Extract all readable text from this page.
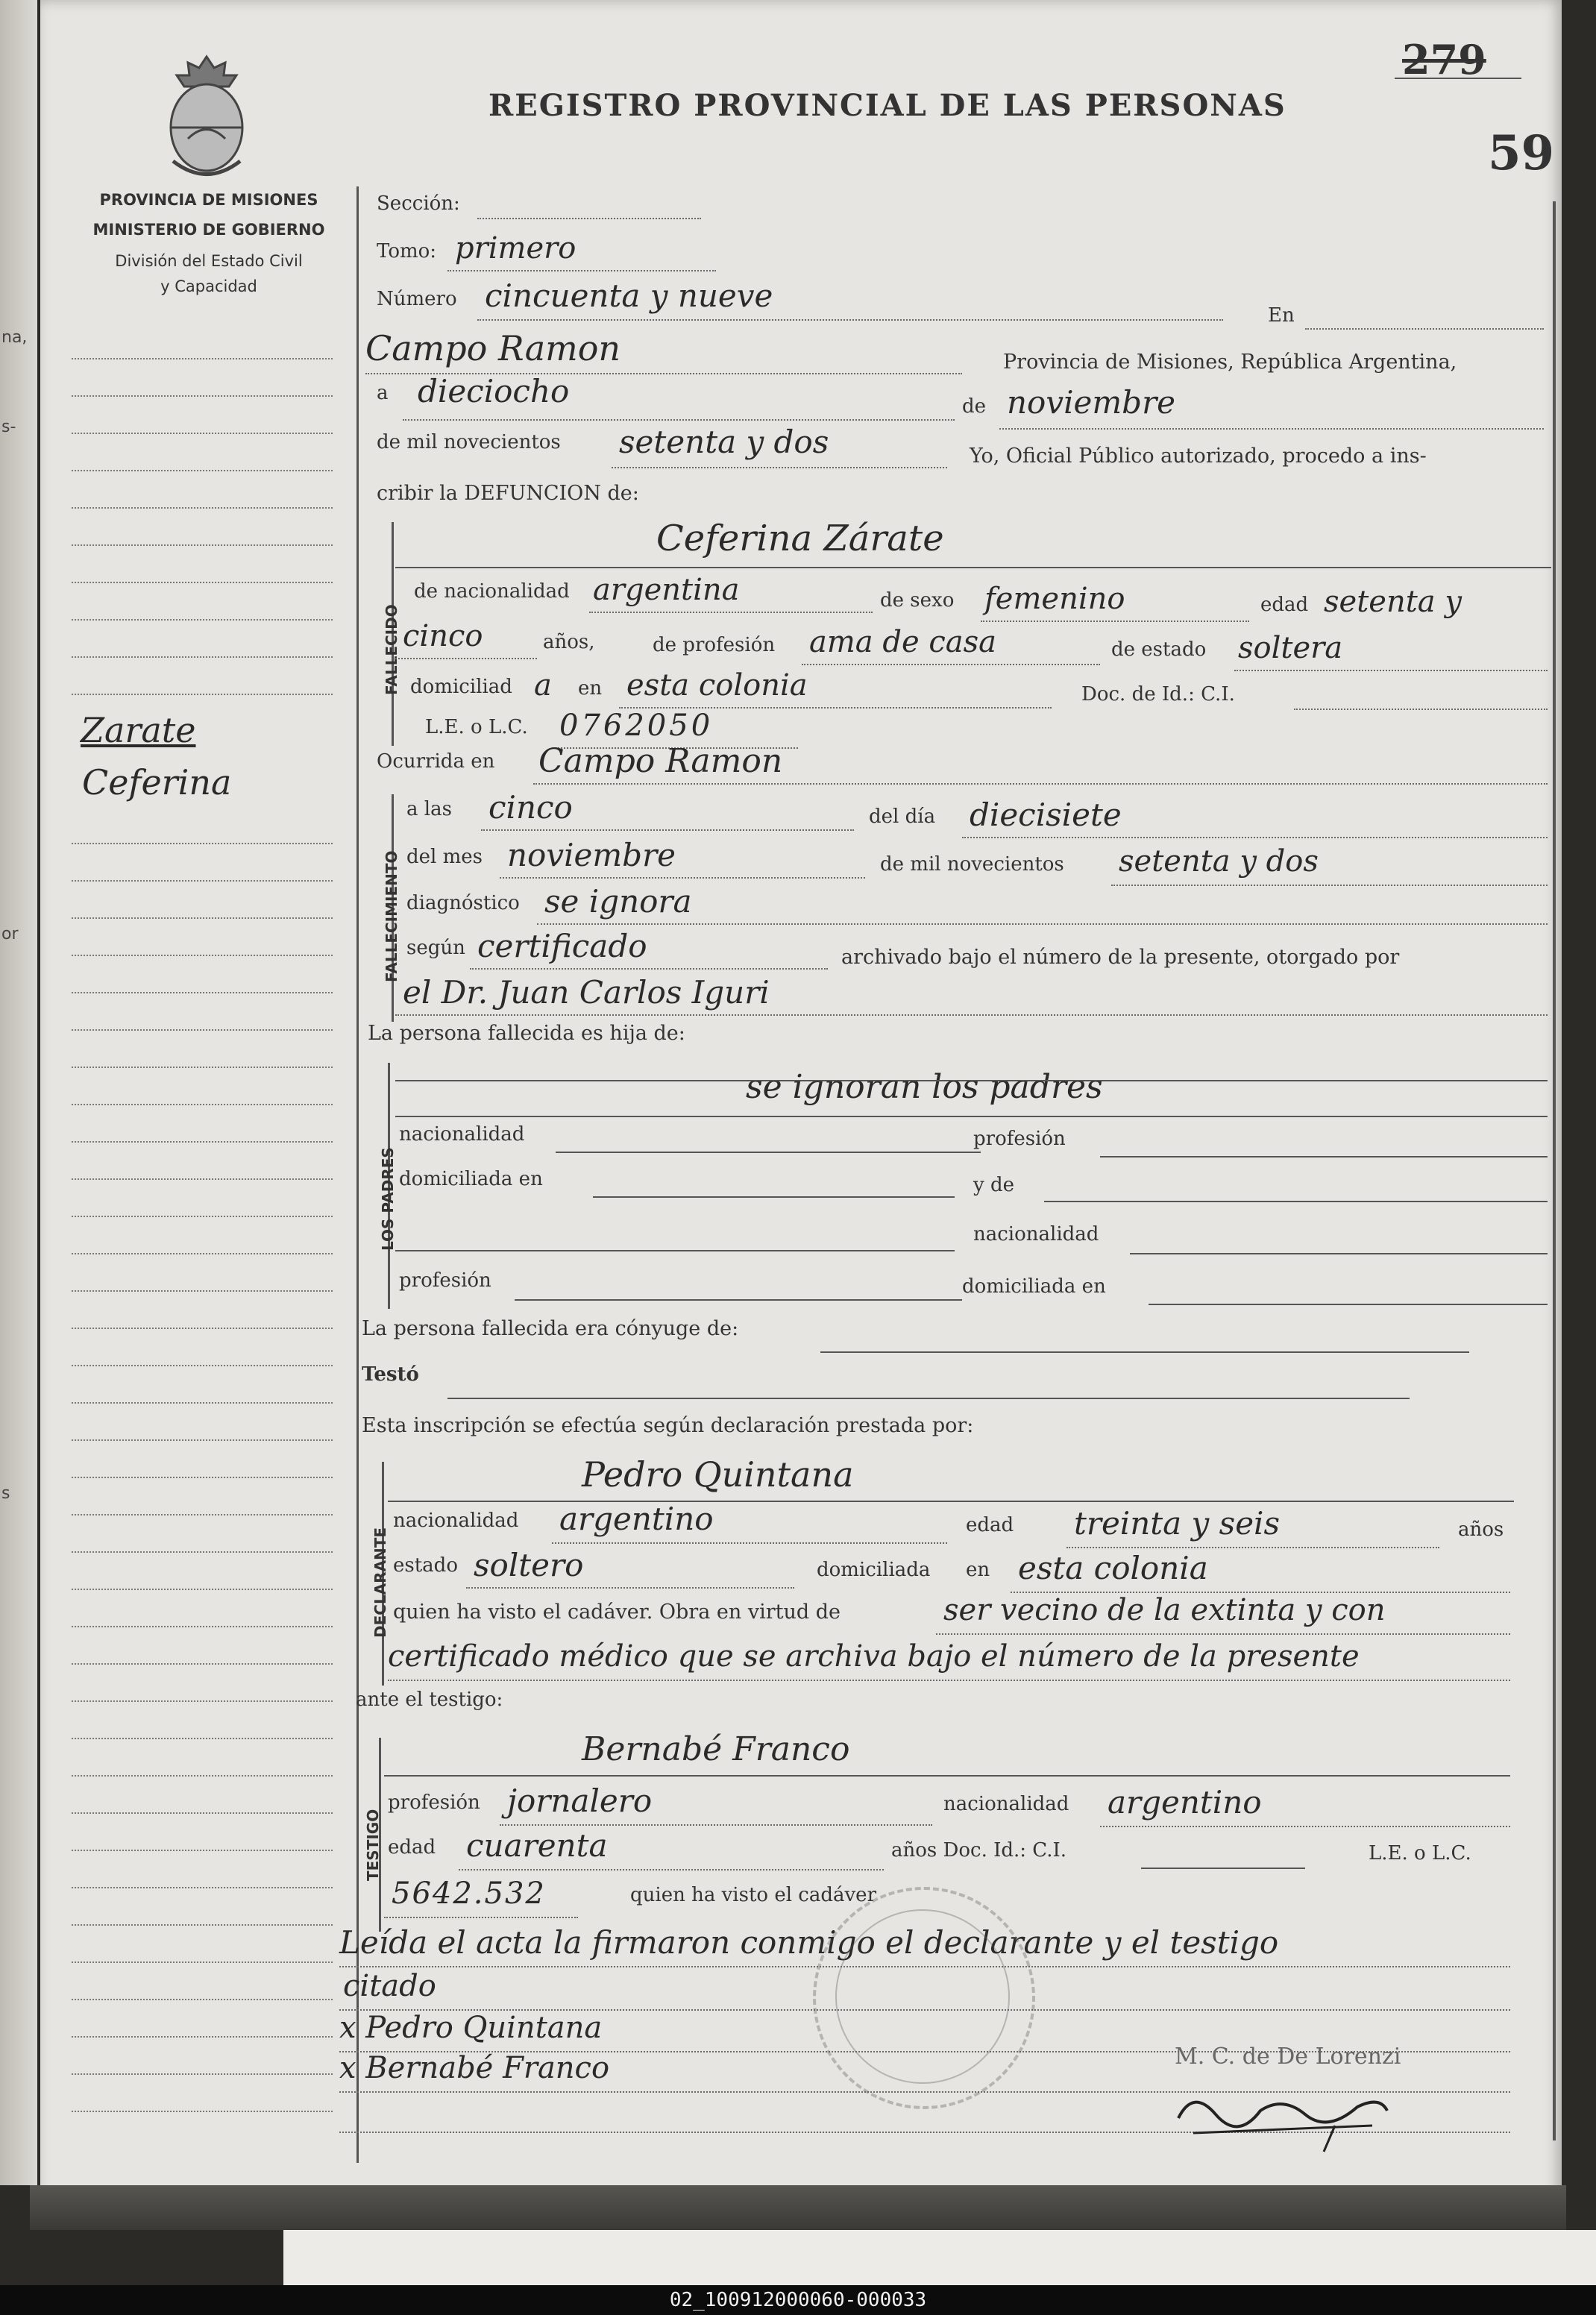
na,
s-
or
s
REGISTRO PROVINCIAL DE LAS PERSONAS
279
59
PROVINCIA DE MISIONES
MINISTERIO DE GOBIERNO
División del Estado Civil
y Capacidad
Zarate
Ceferina
Sección:
Tomo: primero
Número cincuenta y nueve
En
Campo Ramon	Provincia de Misiones, República Argentina,
a dieciocho	de noviembre
de mil novecientos setenta y dos	Yo, Oficial Público autorizado, procedo a ins-
cribir la DEFUNCION de:
FALLECIDO
Ceferina Zárate
de nacionalidad argentina	de sexo femenino	edad setenta y
cinco	años,	de profesión ama de casa	de estado soltera
domiciliad a en esta colonia	Doc. de Id.: C.I.
L.E. o L.C. 0762050
Ocurrida en Campo Ramon
FALLECIMIENTO
a las cinco	del día diecisiete
del mes noviembre	de mil novecientos setenta y dos
diagnóstico se ignora
según certificado	archivado bajo el número de la presente, otorgado por
el Dr. Juan Carlos Iguri
La persona fallecida es hija de:
LOS PADRES
se ignoran los padres
nacionalidad	profesión
domiciliada en	y de
nacionalidad
profesión	domiciliada en
La persona fallecida era cónyuge de:
Testó
Esta inscripción se efectúa según declaración prestada por:
DECLARANTE
Pedro Quintana
nacionalidad argentino	edad treinta y seis	años
estado soltero	domiciliada en esta colonia
quien ha visto el cadáver. Obra en virtud de	ser vecino de la extinta y con
certificado médico que se archiva bajo el número de la presente
ante el testigo:
TESTIGO
Bernabé Franco
profesión jornalero	nacionalidad argentino
edad cuarenta	años Doc. Id.: C.I.	L.E. o L.C.
5642.532	quien ha visto el cadáver
Leída el acta la firmaron conmigo el declarante y el testigo
citado
x Pedro Quintana
x Bernabé Franco	M. C. de De Lorenzi
02_100912000060-000033
